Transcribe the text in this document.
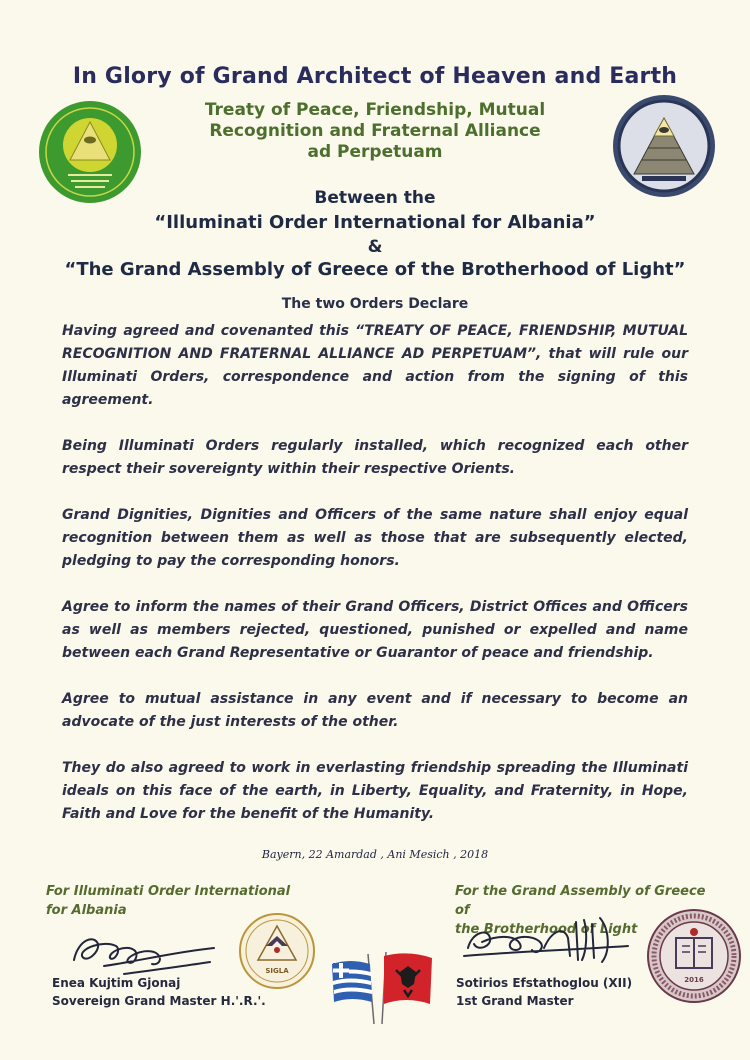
In Glory of Grand Architect of Heaven and Earth
Treaty of Peace, Friendship, Mutual
Recognition and Fraternal Alliance
ad Perpetuam
Between the
“Illuminati Order International for Albania”
&
“The Grand Assembly of Greece of the Brotherhood of Light”
The two Orders Declare

Having agreed and covenanted this “TREATY OF PEACE, FRIENDSHIP, MUTUAL RECOGNITION AND FRATERNAL ALLIANCE AD PERPETUAM”, that will rule our Illuminati Orders, correspondence and action from the signing of this agreement.

Being Illuminati Orders regularly installed, which recognized each other respect their sovereignty within their respective Orients.

Grand Dignities, Dignities and Officers of the same nature shall enjoy equal recognition between them as well as those that are subsequently elected, pledging to pay the corresponding honors.

Agree to inform the names of their Grand Officers, District Offices and Officers as well as members rejected, questioned, punished or expelled and name between each Grand Representative or Guarantor of peace and friendship.

Agree to mutual assistance in any event and if necessary to become an advocate of the just interests of the other.

They do also agreed to work in everlasting friendship spreading the Illuminati ideals on this face of the earth, in Liberty, Equality, and Fraternity, in Hope, Faith and Love for the benefit of the Humanity.

Bayern, 22 Amardad , Ani Mesich , 2018
For Illuminati Order International
for Albania
Enea Kujtim Gjonaj
Sovereign Grand Master H.'.R.'.
SIGLA
For the Grand Assembly of Greece of
the Brotherhood of Light
Sotirios Efstathoglou (XII)
1st Grand Master
2016
